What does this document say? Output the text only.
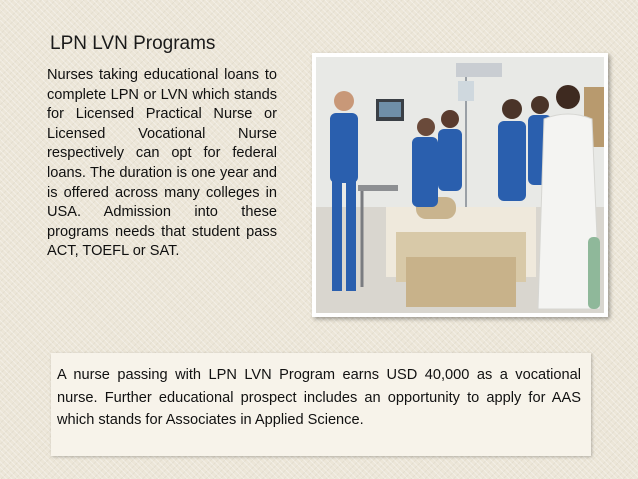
LPN LVN Programs

Nurses taking educational loans to complete LPN or LVN which stands for Licensed Practical Nurse or Licensed Vocational Nurse respectively can opt for federal loans. The duration is one year and is offered across many colleges in USA. Admission into these programs needs that student pass ACT, TOEFL or SAT.

A nurse passing with LPN LVN Program earns USD 40,000 as a vocational nurse. Further educational prospect includes an opportunity to apply for AAS which stands for Associates in Applied Science.
